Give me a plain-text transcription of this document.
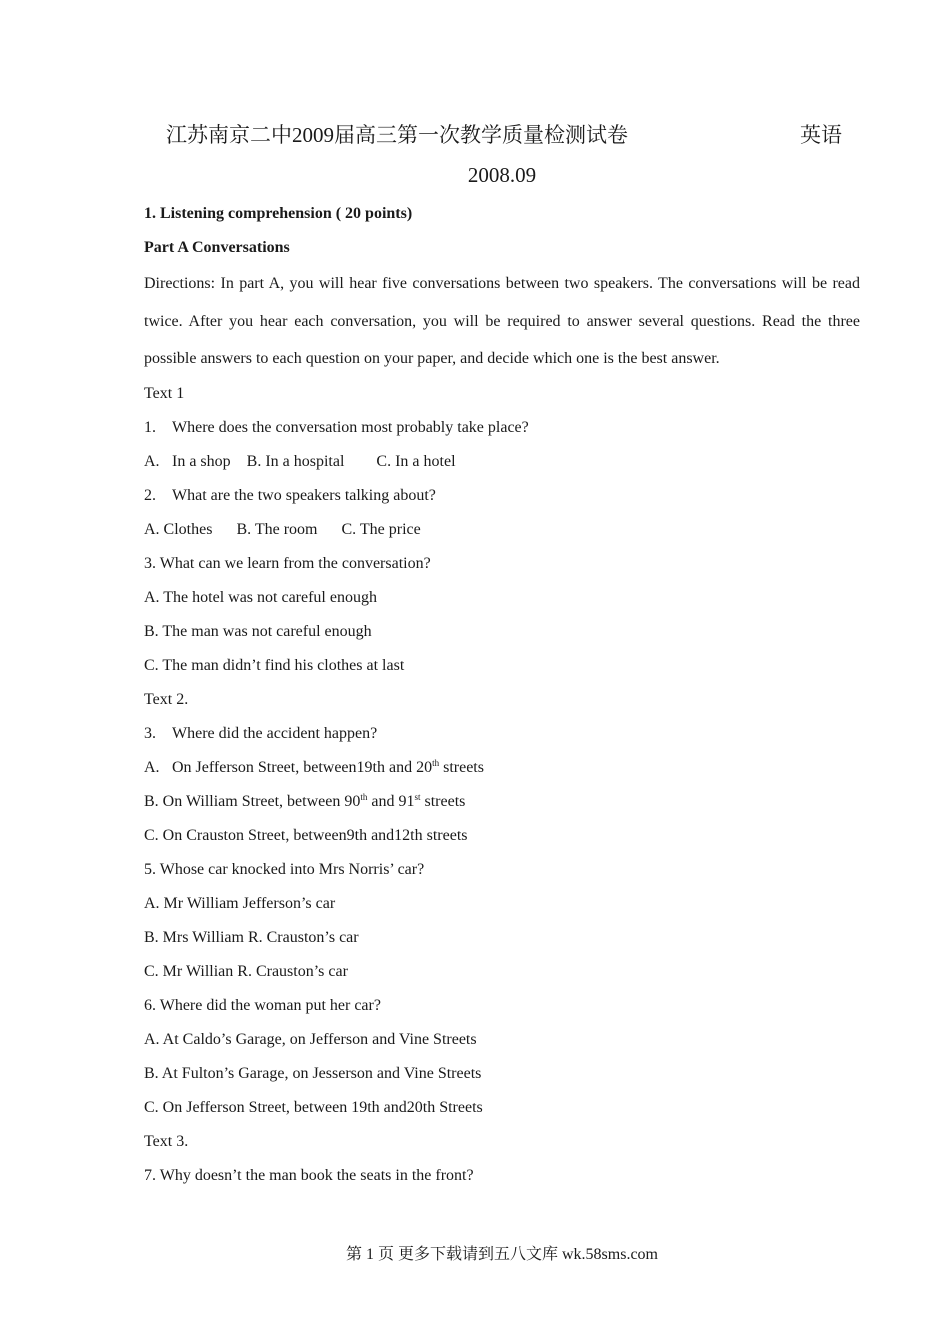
江苏南京二中2009届高三第一次教学质量检测试卷	英语
2008.09
1. Listening comprehension ( 20 points)
Part A Conversations
Directions: In part A, you will hear five conversations between two speakers. The conversations will be read twice. After you hear each conversation, you will be required to answer several questions. Read the three possible answers to each question on your paper, and decide which one is the best answer.
Text 1
1. Where does the conversation most probably take place?
A. In a shop    B. In a hospital        C. In a hotel
2. What are the two speakers talking about?
A. Clothes      B. The room      C. The price
3. What can we learn from the conversation?
A. The hotel was not careful enough
B. The man was not careful enough
C. The man didn’t find his clothes at last
Text 2.
3. Where did the accident happen?
A. On Jefferson Street, between19th and 20th streets
B. On William Street, between 90th and 91st streets
C. On Crauston Street, between9th and12th streets
5. Whose car knocked into Mrs Norris’ car?
A. Mr William Jefferson’s car
B. Mrs William R. Crauston’s car
C. Mr Willian R. Crauston’s car
6. Where did the woman put her car?
A. At Caldo’s Garage, on Jefferson and Vine Streets
B. At Fulton’s Garage, on Jesserson and Vine Streets
C. On Jefferson Street, between 19th and20th Streets
Text 3.
7. Why doesn’t the man book the seats in the front?
第 1 页 更多下载请到五八文库 wk.58sms.com
